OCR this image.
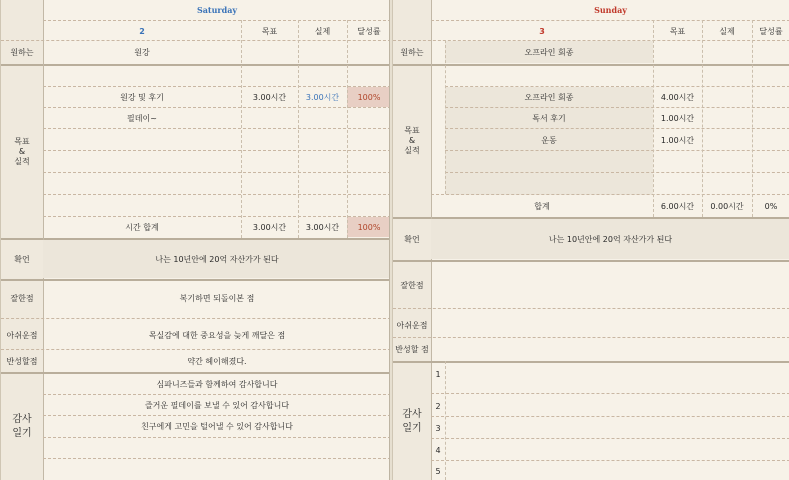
Saturday
2	목표	실제	달성률
원하는	원강
목표
&
실적
원강 및 후기	3.00시간	3.00시간	100%
필데이~
시간 합계	3.00시간	3.00시간	100%
확언	나는 10년안에 20억 자산가가 된다
잘한점	복기하면 되돌이본 점
아쉬운점	목실감에 대한 중요성을 늦게 깨달은 점
반성할점	약간 헤이해졌다.
감사
일기
심파니즈들과 함께하여 감사합니다
즐거운 필데이를 보낼 수 있어 감사합니다
친구에게 고민을 털어낼 수 있어 감사합니다
Sunday
3	목표	실제	달성률
원하는	오프라인 회종
목표
&
실적
오프라인 회종	4.00시간
독서 후기	1.00시간
운동	1.00시간
합계	6.00시간	0.00시간	0%
확언	나는 10년안에 20억 자산가가 된다
잘한점
아쉬운점
반성할 점
감사
일기
1
2
3
4
5
